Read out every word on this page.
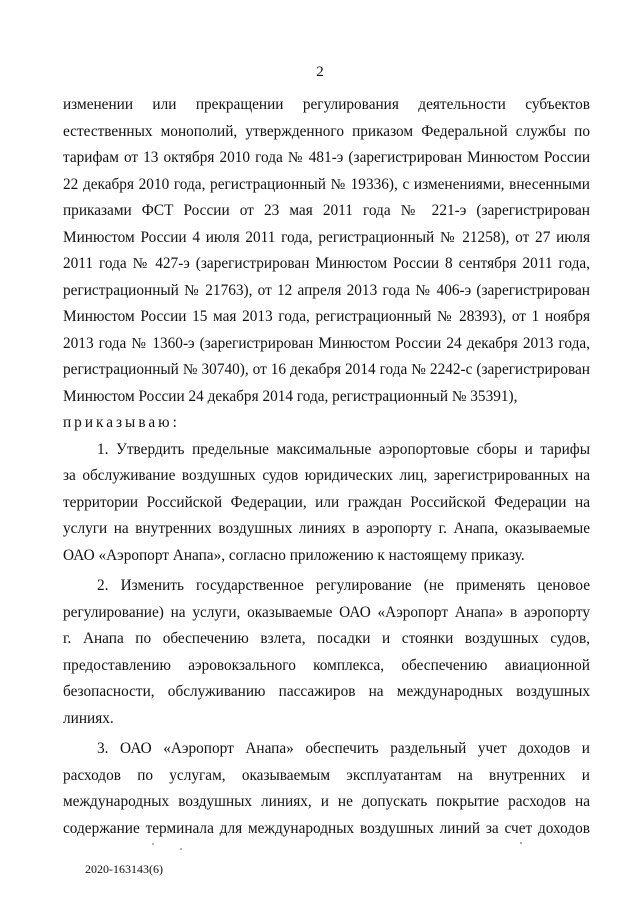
2
изменении или прекращении регулирования деятельности субъектов
естественных монополий, утвержденного приказом Федеральной службы по
тарифам от 13 октября 2010 года № 481-э (зарегистрирован Минюстом России
22 декабря 2010 года, регистрационный № 19336), с изменениями, внесенными
приказами ФСТ России от 23 мая 2011 года № 221-э (зарегистрирован
Минюстом России 4 июля 2011 года, регистрационный № 21258), от 27 июля
2011 года № 427-э (зарегистрирован Минюстом России 8 сентября 2011 года,
регистрационный № 21763), от 12 апреля 2013 года № 406-э (зарегистрирован
Минюстом России 15 мая 2013 года, регистрационный № 28393), от 1 ноября
2013 года № 1360-э (зарегистрирован Минюстом России 24 декабря 2013 года,
регистрационный № 30740), от 16 декабря 2014 года № 2242-с (зарегистрирован
Минюстом России 24 декабря 2014 года, регистрационный № 35391),
приказываю:
1. Утвердить предельные максимальные аэропортовые сборы и тарифы
за обслуживание воздушных судов юридических лиц, зарегистрированных на
территории Российской Федерации, или граждан Российской Федерации на
услуги на внутренних воздушных линиях в аэропорту г. Анапа, оказываемые
ОАО «Аэропорт Анапа», согласно приложению к настоящему приказу.
2. Изменить государственное регулирование (не применять ценовое
регулирование) на услуги, оказываемые ОАО «Аэропорт Анапа» в аэропорту
г. Анапа по обеспечению взлета, посадки и стоянки воздушных судов,
предоставлению аэровокзального комплекса, обеспечению авиационной
безопасности, обслуживанию пассажиров на международных воздушных
линиях.
3. ОАО «Аэропорт Анапа» обеспечить раздельный учет доходов и
расходов по услугам, оказываемым эксплуатантам на внутренних и
международных воздушных линиях, и не допускать покрытие расходов на
содержание терминала для международных воздушных линий за счет доходов
2020-163143(6)
